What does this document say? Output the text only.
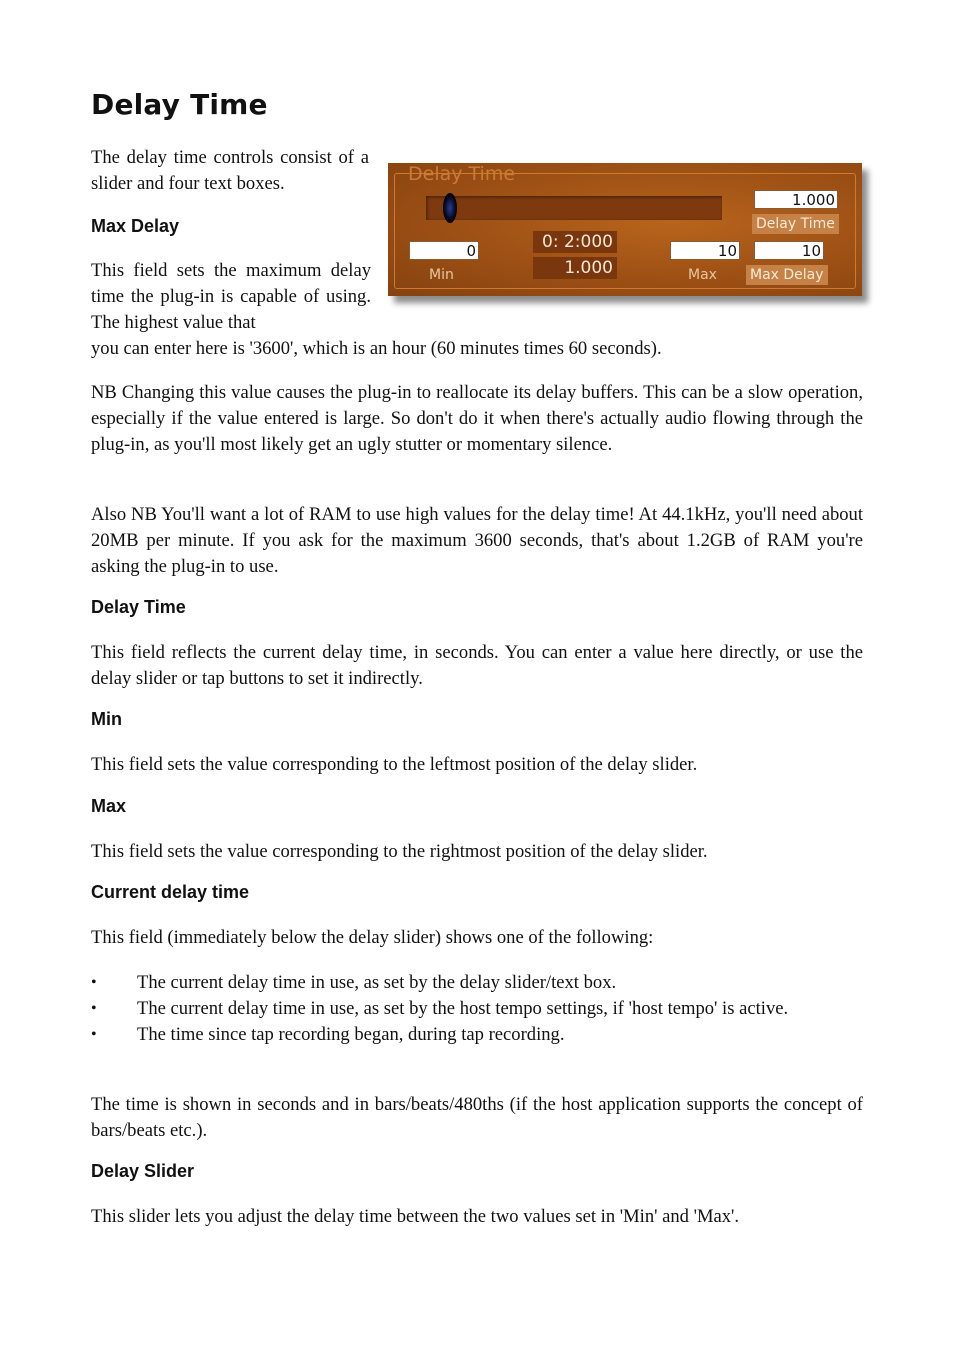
Delay Time

The delay time controls consist of a slider and four text boxes.

Max Delay

This field sets the maximum delay time the plug-in is capable of using. The highest value that

you can enter here is '3600', which is an hour (60 minutes times 60 seconds).

Delay Time
1.000
Delay Time
0
Min
0: 2:000
1.000
10
Max
10
Max Delay

NB Changing this value causes the plug-in to reallocate its delay buffers. This can be a slow operation, especially if the value entered is large. So don't do it when there's actually audio flowing through the plug-in, as you'll most likely get an ugly stutter or momentary silence.

Also NB You'll want a lot of RAM to use high values for the delay time! At 44.1kHz, you'll need about 20MB per minute. If you ask for the maximum 3600 seconds, that's about 1.2GB of RAM you're asking the plug-in to use.

Delay Time

This field reflects the current delay time, in seconds. You can enter a value here directly, or use the delay slider or tap buttons to set it indirectly.

Min

This field sets the value corresponding to the leftmost position of the delay slider.

Max

This field sets the value corresponding to the rightmost position of the delay slider.

Current delay time

This field (immediately below the delay slider) shows one of the following:

• The current delay time in use, as set by the delay slider/text box.
• The current delay time in use, as set by the host tempo settings, if 'host tempo' is active.
• The time since tap recording began, during tap recording.

The time is shown in seconds and in bars/beats/480ths (if the host application supports the concept of bars/beats etc.).

Delay Slider

This slider lets you adjust the delay time between the two values set in 'Min' and 'Max'.
